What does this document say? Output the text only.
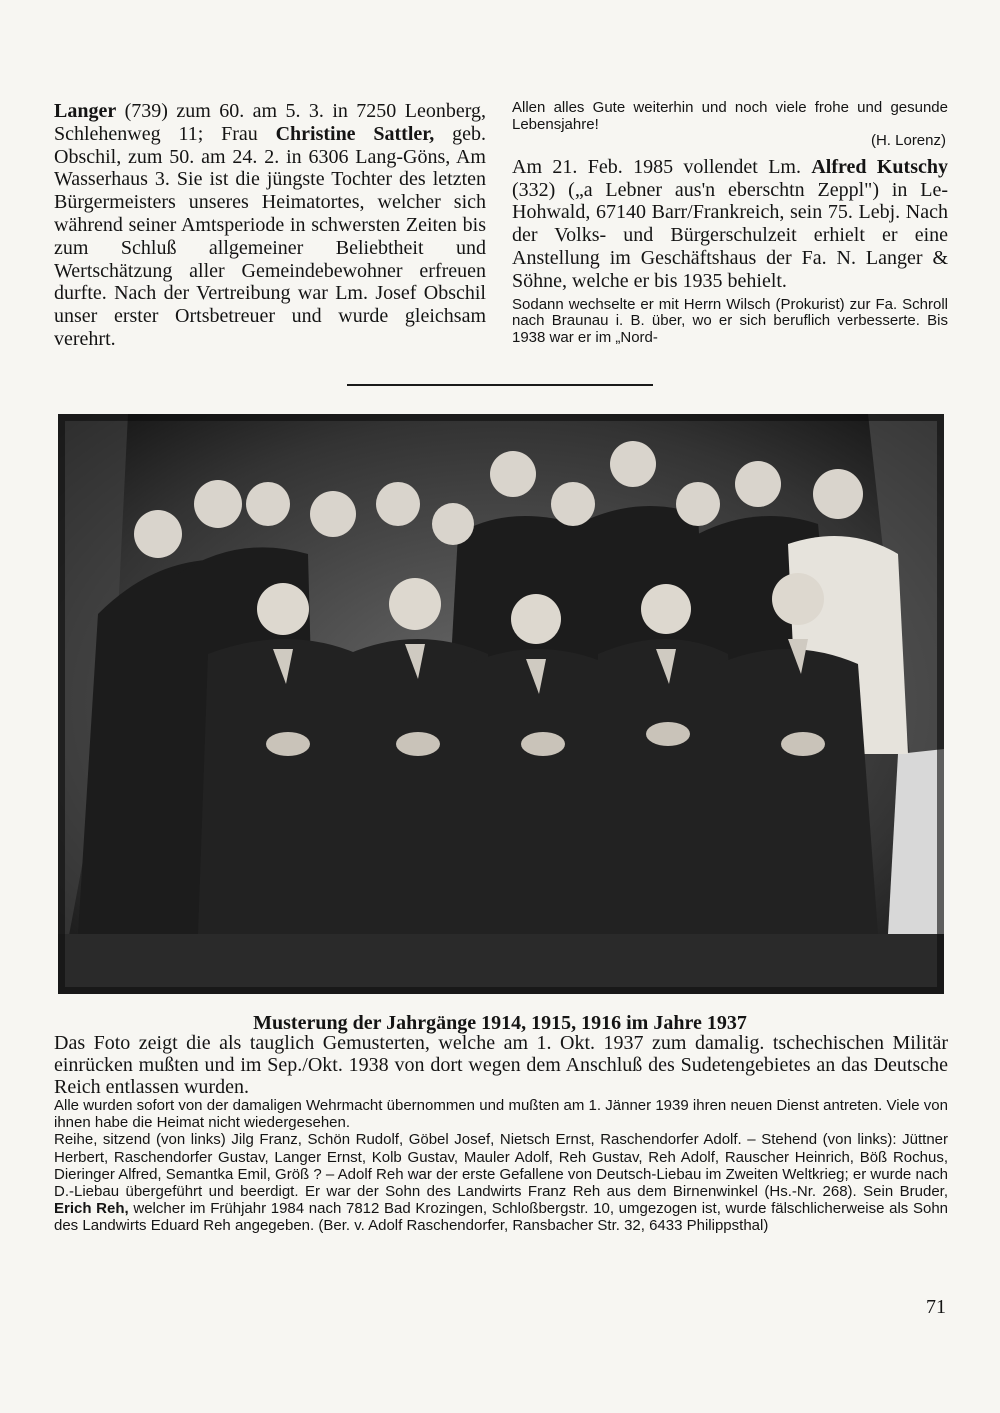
Langer (739) zum 60. am 5. 3. in 7250 Leonberg, Schlehenweg 11; Frau Christine Sattler, geb. Obschil, zum 50. am 24. 2. in 6306 Lang-Göns, Am Wasserhaus 3. Sie ist die jüngste Tochter des letzten Bürgermeisters unseres Heimatortes, welcher sich während seiner Amtsperiode in schwersten Zeiten bis zum Schluß allgemeiner Beliebtheit und Wertschätzung aller Gemeindebewohner erfreuen durfte. Nach der Vertreibung war Lm. Josef Obschil unser erster Ortsbetreuer und wurde gleichsam verehrt.

Allen alles Gute weiterhin und noch viele frohe und gesunde Lebensjahre!

(H. Lorenz)

Am 21. Feb. 1985 vollendet Lm. Alfred Kutschy (332) („a Lebner aus'n eberschtn Zeppl") in Le-Hohwald, 67140 Barr/Frankreich, sein 75. Lebj. Nach der Volks- und Bürgerschulzeit erhielt er eine Anstellung im Geschäftshaus der Fa. N. Langer & Söhne, welche er bis 1935 behielt.

Sodann wechselte er mit Herrn Wilsch (Prokurist) zur Fa. Schroll nach Braunau i. B. über, wo er sich beruflich verbesserte. Bis 1938 war er im „Nord-

Musterung der Jahrgänge 1914, 1915, 1916 im Jahre 1937

Das Foto zeigt die als tauglich Gemusterten, welche am 1. Okt. 1937 zum damalig. tschechischen Militär einrücken mußten und im Sep./Okt. 1938 von dort wegen dem Anschluß des Sudetengebietes an das Deutsche Reich entlassen wurden.

Alle wurden sofort von der damaligen Wehrmacht übernommen und mußten am 1. Jänner 1939 ihren neuen Dienst antreten. Viele von ihnen habe die Heimat nicht wiedergesehen.

Reihe, sitzend (von links) Jilg Franz, Schön Rudolf, Göbel Josef, Nietsch Ernst, Raschendorfer Adolf. – Stehend (von links): Jüttner Herbert, Raschendorfer Gustav, Langer Ernst, Kolb Gustav, Mauler Adolf, Reh Gustav, Reh Adolf, Rauscher Heinrich, Böß Rochus, Dieringer Alfred, Semantka Emil, Größ ? – Adolf Reh war der erste Gefallene von Deutsch-Liebau im Zweiten Weltkrieg; er wurde nach D.-Liebau übergeführt und beerdigt. Er war der Sohn des Landwirts Franz Reh aus dem Birnenwinkel (Hs.-Nr. 268). Sein Bruder, Erich Reh, welcher im Frühjahr 1984 nach 7812 Bad Krozingen, Schloßbergstr. 10, umgezogen ist, wurde fälschlicherweise als Sohn des Landwirts Eduard Reh angegeben. (Ber. v. Adolf Raschendorfer, Ransbacher Str. 32, 6433 Philippsthal)

71
